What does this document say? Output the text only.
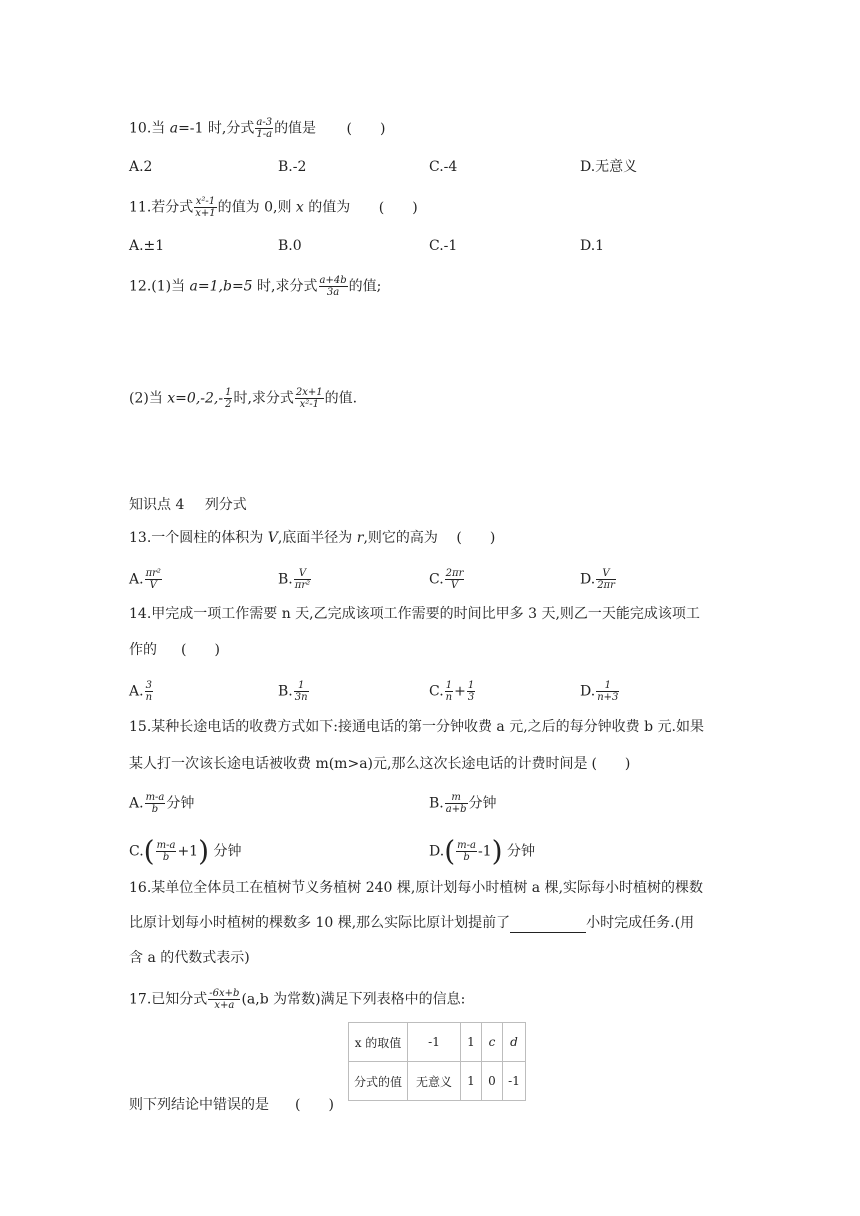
10.当 a=-1 时,分式 $\frac{a-3}{1-a}$ 的值是 (　　)
A.2	B.-2	C.-4	D.无意义
11.若分式 $\frac{\text{x²-1}}{x+1}$ 的值为 0,则 x 的值为 (　　)
A.±1	B.0	C.-1	D.1
12.(1)当 a=1,b=5 时,求分式 $\frac{a+4b}{3a}$ 的值;
(2)当 $x=0,-2,- \frac{1}{2}$ 时,求分式 $\frac{2x+1}{\text{x²-1}}$ 的值.
知识点 4 列分式
13.一个圆柱的体积为 V,底面半径为 r,则它的高为 (　　)
A. $\frac{\text{πr²}}{V}$	B. $\frac{V}{\text{πr²}}$	C. $\frac{2\pi r}{V}$	D. $\frac{V}{2\pi r}$
14.甲完成一项工作需要 n 天,乙完成该项工作需要的时间比甲多 3 天,则乙一天能完成该项工
作的 (　　)
A. $\frac{3}{n}$	B. $\frac{1}{3n}$	C. $\frac{1}{n} + \frac{1}{3}$	D. $\frac{1}{n+3}$
15.某种长途电话的收费方式如下:接通电话的第一分钟收费 a 元,之后的每分钟收费 b 元.如果
某人打一次该长途电话被收费 m(m>a)元,那么这次长途电话的计费时间是 (　　)
A. $\frac{m-a}{b}$ 分钟	B. $\frac{m}{a+b}$ 分钟
$C.( \frac{m-a}{b} +1)$ 分钟	$D.( \frac{m-a}{b} -1)$ 分钟
16.某单位全体员工在植树节义务植树 240 棵,原计划每小时植树 a 棵,实际每小时植树的棵数
比原计划每小时植树的棵数多 10 棵,那么实际比原计划提前了	小时完成任务.(用
含 a 的代数式表示)
17.已知分式 $\frac{-6x+b}{x+a} (a,b$ 为常数)满足下列表格中的信息:
x 的取值	-1	1	c	d
分式的值	无意义	1	0	-1
则下列结论中错误的是 (　　)
